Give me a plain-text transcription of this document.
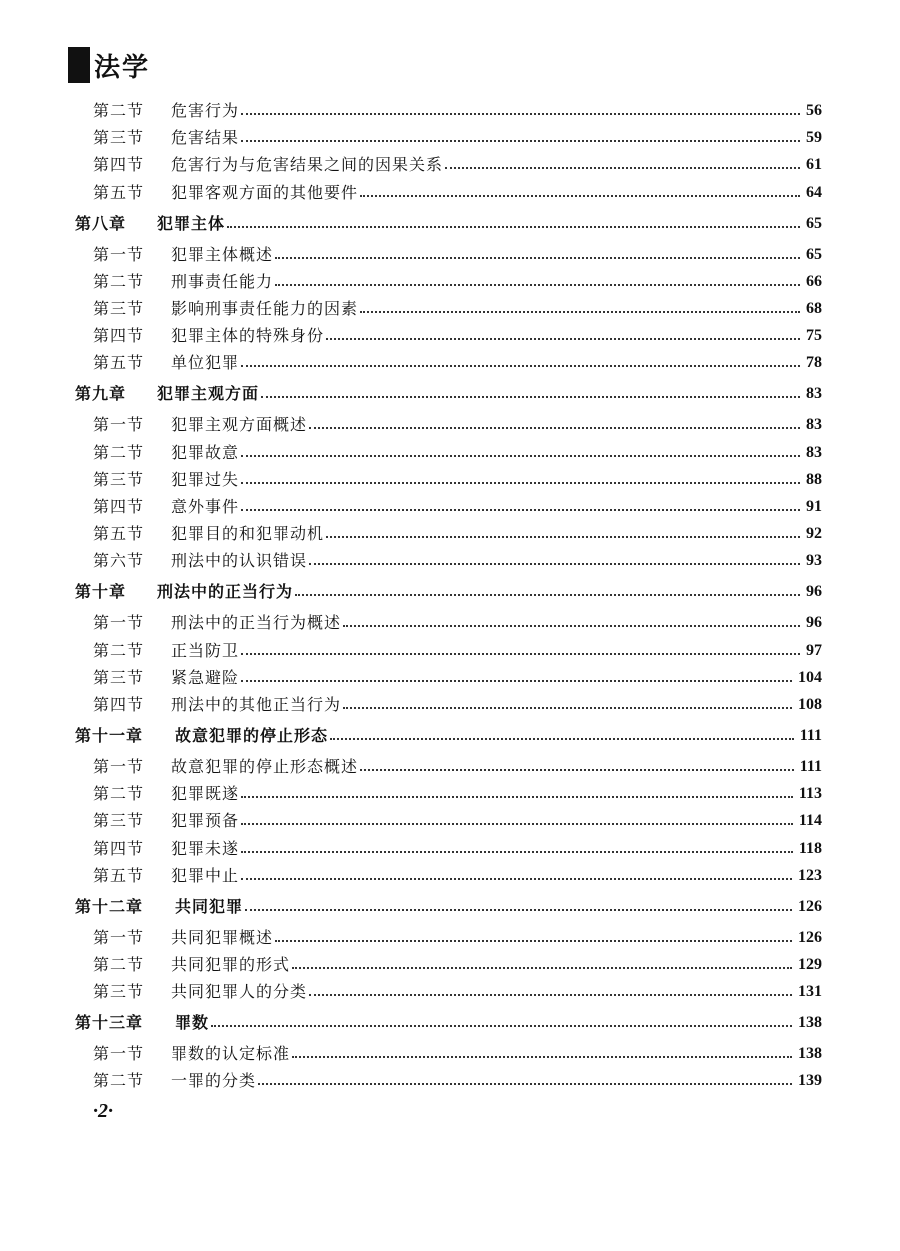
法学
第二节	危害行为	56
第三节	危害结果	59
第四节	危害行为与危害结果之间的因果关系	61
第五节	犯罪客观方面的其他要件	64
第八章	犯罪主体	65
第一节	犯罪主体概述	65
第二节	刑事责任能力	66
第三节	影响刑事责任能力的因素	68
第四节	犯罪主体的特殊身份	75
第五节	单位犯罪	78
第九章	犯罪主观方面	83
第一节	犯罪主观方面概述	83
第二节	犯罪故意	83
第三节	犯罪过失	88
第四节	意外事件	91
第五节	犯罪目的和犯罪动机	92
第六节	刑法中的认识错误	93
第十章	刑法中的正当行为	96
第一节	刑法中的正当行为概述	96
第二节	正当防卫	97
第三节	紧急避险	104
第四节	刑法中的其他正当行为	108
第十一章	故意犯罪的停止形态	111
第一节	故意犯罪的停止形态概述	111
第二节	犯罪既遂	113
第三节	犯罪预备	114
第四节	犯罪未遂	118
第五节	犯罪中止	123
第十二章	共同犯罪	126
第一节	共同犯罪概述	126
第二节	共同犯罪的形式	129
第三节	共同犯罪人的分类	131
第十三章	罪数	138
第一节	罪数的认定标准	138
第二节	一罪的分类	139
·2·
